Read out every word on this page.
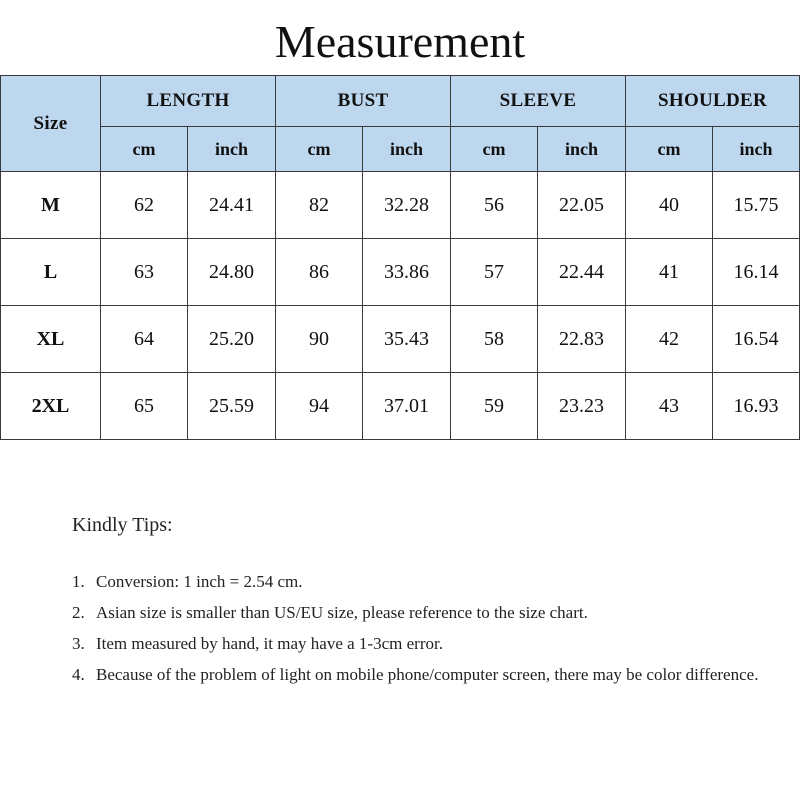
Measurement
Size	LENGTH		BUST		SLEEVE		SHOULDER	
	cm	inch	cm	inch	cm	inch	cm	inch
M	62	24.41	82	32.28	56	22.05	40	15.75
L	63	24.80	86	33.86	57	22.44	41	16.14
XL	64	25.20	90	35.43	58	22.83	42	16.54
2XL	65	25.59	94	37.01	59	23.23	43	16.93
Kindly Tips:
1. Conversion: 1 inch = 2.54 cm.
2. Asian size is smaller than US/EU size, please reference to the size chart.
3. Item measured by hand, it may have a 1-3cm error.
4. Because of the problem of light on mobile phone/computer screen, there may be color difference.
